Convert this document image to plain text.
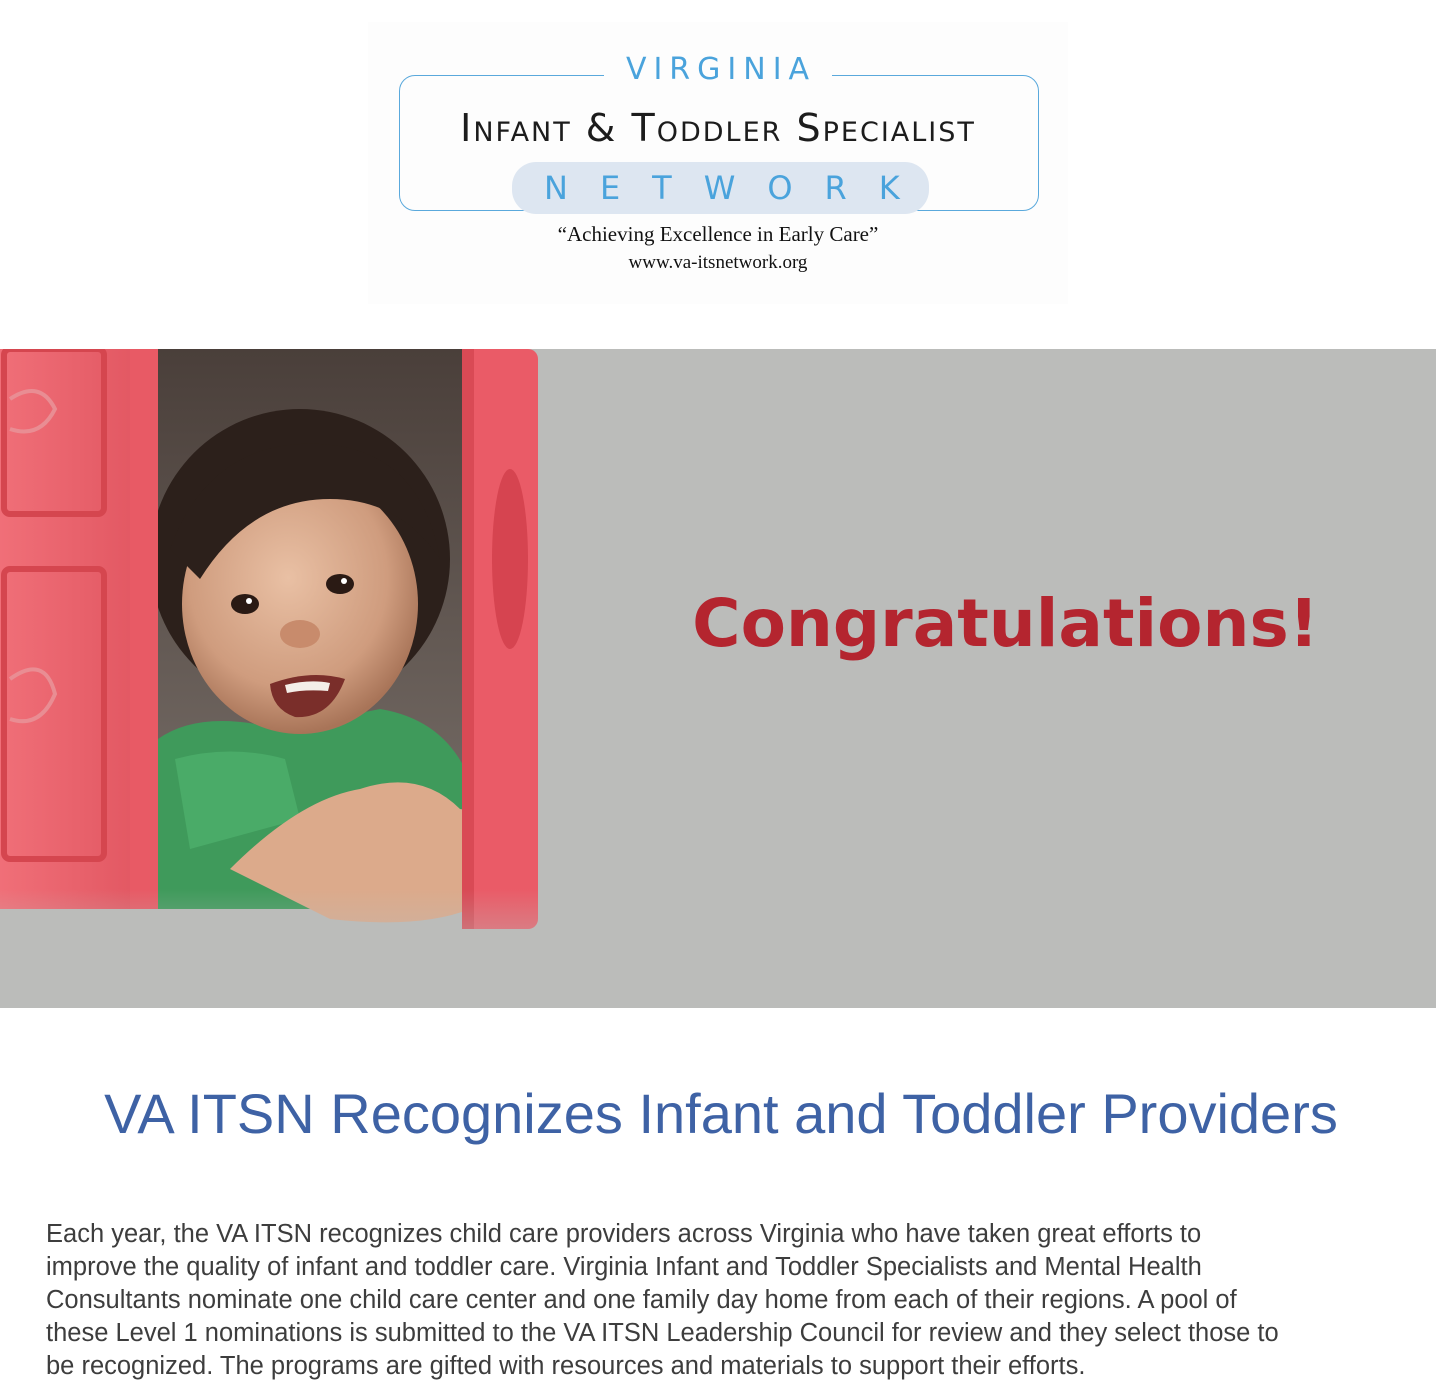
VIRGINIA
Infant & Toddler Specialist
NETWORK
“Achieving Excellence in Early Care”
www.va-itsnetwork.org
Congratulations!
VA ITSN Recognizes Infant and Toddler Providers

Each year, the VA ITSN recognizes child care providers across Virginia who have taken great efforts to
improve the quality of infant and toddler care. Virginia Infant and Toddler Specialists and Mental Health
Consultants nominate one child care center and one family day home from each of their regions. A pool of
these Level 1 nominations is submitted to the VA ITSN Leadership Council for review and they select those to
be recognized. The programs are gifted with resources and materials to support their efforts.
